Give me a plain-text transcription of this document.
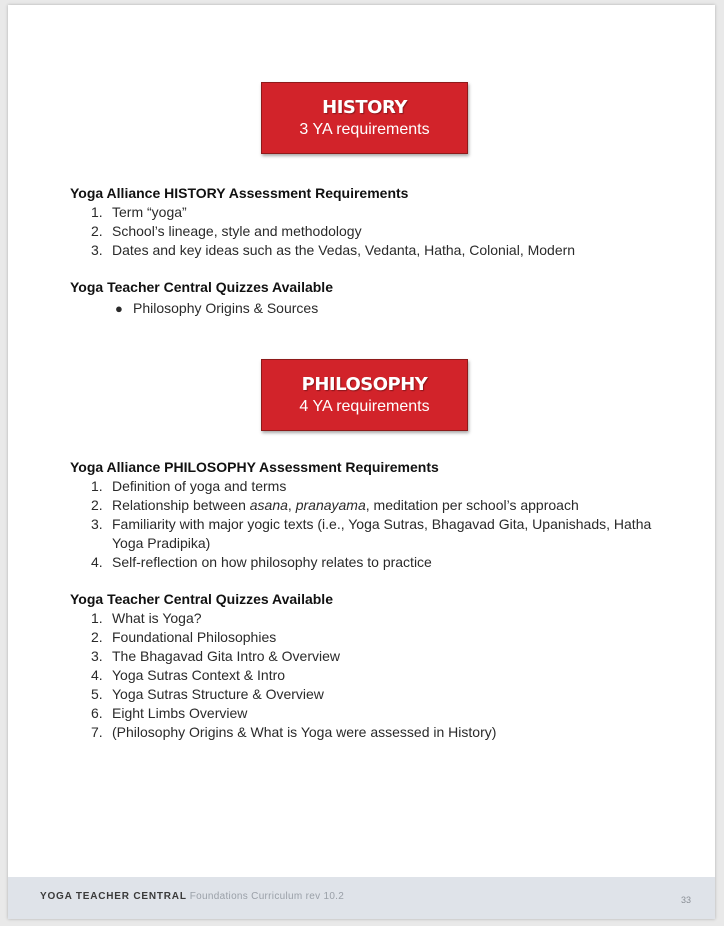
HISTORY
3 YA requirements
Yoga Alliance HISTORY Assessment Requirements
1. Term “yoga”
2. School’s lineage, style and methodology
3. Dates and key ideas such as the Vedas, Vedanta, Hatha, Colonial, Modern
Yoga Teacher Central Quizzes Available
● Philosophy Origins & Sources
PHILOSOPHY
4 YA requirements
Yoga Alliance PHILOSOPHY Assessment Requirements
1. Definition of yoga and terms
2. Relationship between asana, pranayama, meditation per school’s approach
3. Familiarity with major yogic texts (i.e., Yoga Sutras, Bhagavad Gita, Upanishads, Hatha Yoga Pradipika)
4. Self-reflection on how philosophy relates to practice
Yoga Teacher Central Quizzes Available
1. What is Yoga?
2. Foundational Philosophies
3. The Bhagavad Gita Intro & Overview
4. Yoga Sutras Context & Intro
5. Yoga Sutras Structure & Overview
6. Eight Limbs Overview
7. (Philosophy Origins & What is Yoga were assessed in History)
YOGA TEACHER CENTRAL Foundations Curriculum rev 10.2	33
